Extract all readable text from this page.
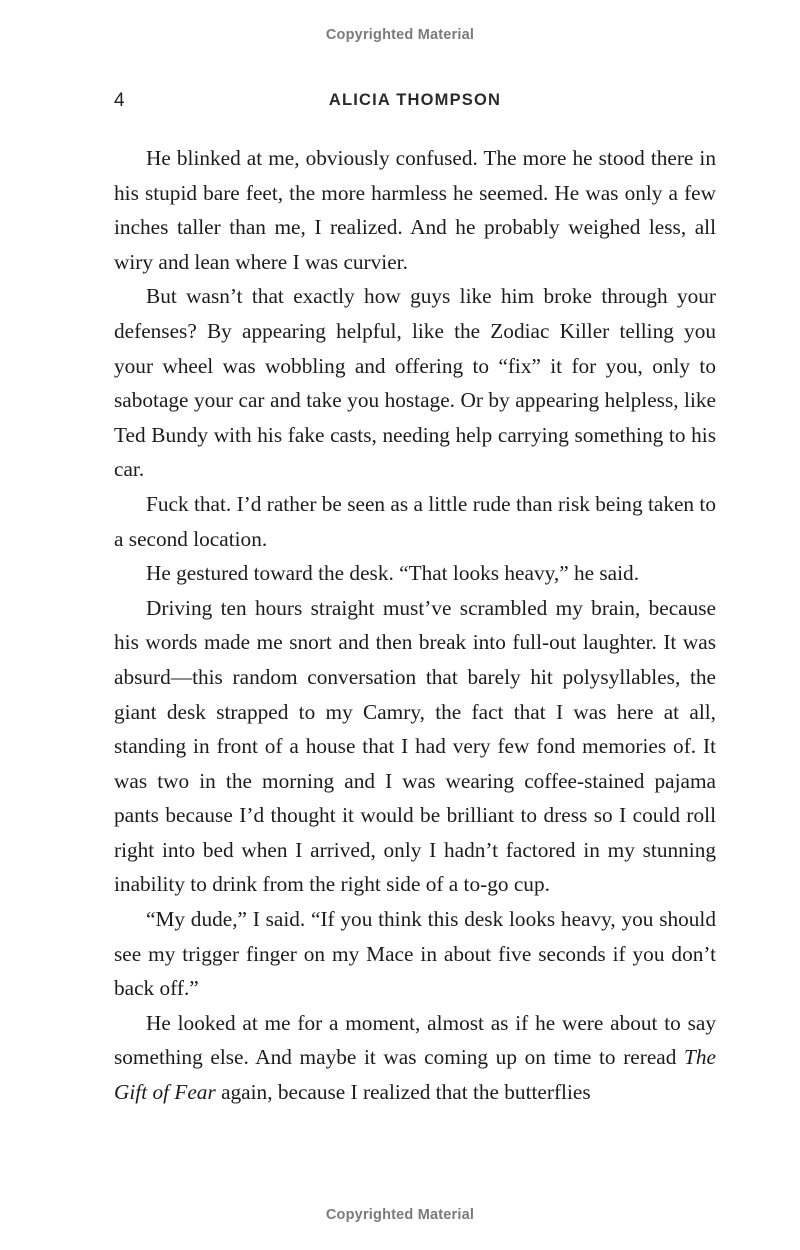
Copyrighted Material
4	ALICIA THOMPSON

He blinked at me, obviously confused. The more he stood there in his stupid bare feet, the more harmless he seemed. He was only a few inches taller than me, I realized. And he probably weighed less, all wiry and lean where I was curvier.

But wasn’t that exactly how guys like him broke through your defenses? By appearing helpful, like the Zodiac Killer telling you your wheel was wobbling and offering to “fix” it for you, only to sabotage your car and take you hostage. Or by appearing helpless, like Ted Bundy with his fake casts, needing help carrying something to his car.

Fuck that. I’d rather be seen as a little rude than risk being taken to a second location.

He gestured toward the desk. “That looks heavy,” he said.

Driving ten hours straight must’ve scrambled my brain, because his words made me snort and then break into full-out laughter. It was absurd—this random conversation that barely hit polysyllables, the giant desk strapped to my Camry, the fact that I was here at all, standing in front of a house that I had very few fond memories of. It was two in the morning and I was wearing coffee-stained pajama pants because I’d thought it would be brilliant to dress so I could roll right into bed when I arrived, only I hadn’t factored in my stunning inability to drink from the right side of a to-go cup.

“My dude,” I said. “If you think this desk looks heavy, you should see my trigger finger on my Mace in about five seconds if you don’t back off.”

He looked at me for a moment, almost as if he were about to say something else. And maybe it was coming up on time to reread The Gift of Fear again, because I realized that the butterflies

Copyrighted Material
